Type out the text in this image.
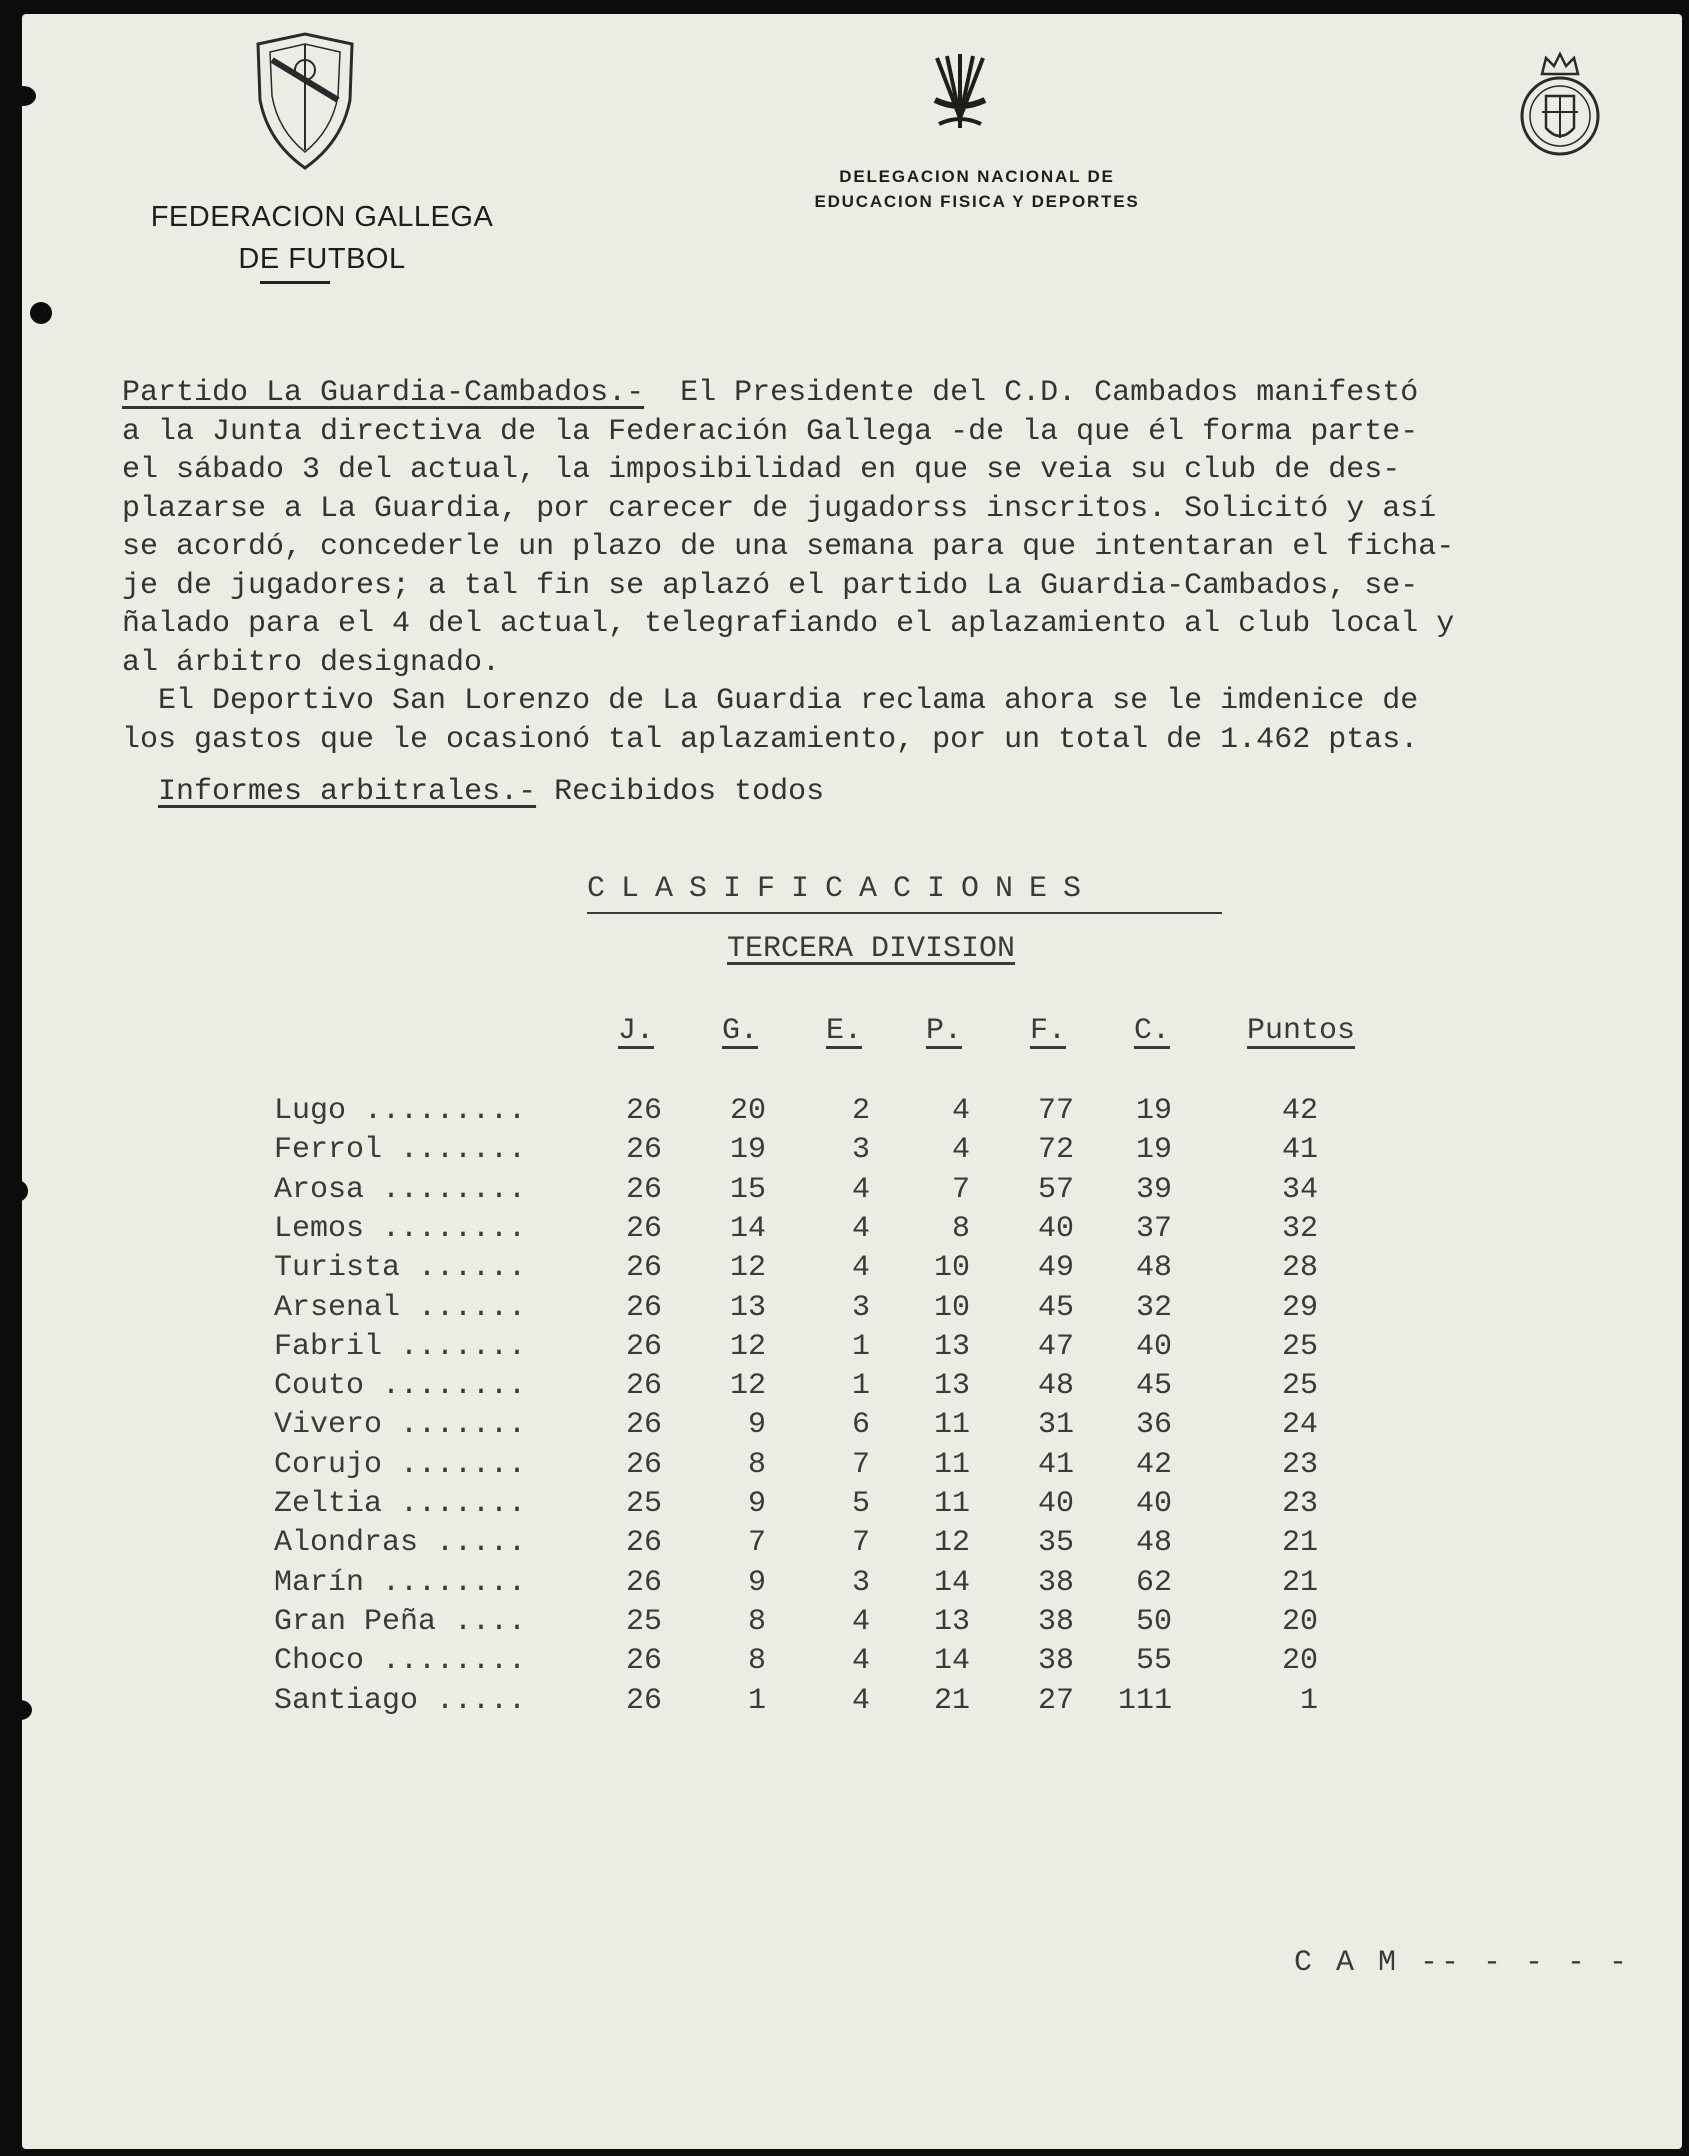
FEDERACION GALLEGA
DE FUTBOL
DELEGACION NACIONAL DE
EDUCACION FISICA Y DEPORTES
Partido La Guardia-Cambados.-  El Presidente del C.D. Cambados manifestó
a la Junta directiva de la Federación Gallega -de la que él forma parte-
el sábado 3 del actual, la imposibilidad en que se veia su club de des-
plazarse a La Guardia, por carecer de jugadorss inscritos. Solicitó y así
se acordó, concederle un plazo de una semana para que intentaran el ficha-
je de jugadores; a tal fin se aplazó el partido La Guardia-Cambados, se-
ñalado para el 4 del actual, telegrafiando el aplazamiento al club local y
al árbitro designado.
El Deportivo San Lorenzo de La Guardia reclama ahora se le imdenice de
los gastos que le ocasionó tal aplazamiento, por un total de 1.462 ptas.
Informes arbitrales.- Recibidos todos
CLASIFICACIONES
TERCERA DIVISION
J.	G.	E.	P.	F.	C.	Puntos
Lugo .........	26	20	2	4	77	19	42
Ferrol .......	26	19	3	4	72	19	41
Arosa ........	26	15	4	7	57	39	34
Lemos ........	26	14	4	8	40	37	32
Turista ......	26	12	4	10	49	48	28
Arsenal ......	26	13	3	10	45	32	29
Fabril .......	26	12	1	13	47	40	25
Couto ........	26	12	1	13	48	45	25
Vivero .......	26	9	6	11	31	36	24
Corujo .......	26	8	7	11	41	42	23
Zeltia .......	25	9	5	11	40	40	23
Alondras .....	26	7	7	12	35	48	21
Marín ........	26	9	3	14	38	62	21
Gran Peña ....	25	8	4	13	38	50	20
Choco ........	26	8	4	14	38	55	20
Santiago .....	26	1	4	21	27 111	1
C A M -- - - - -
